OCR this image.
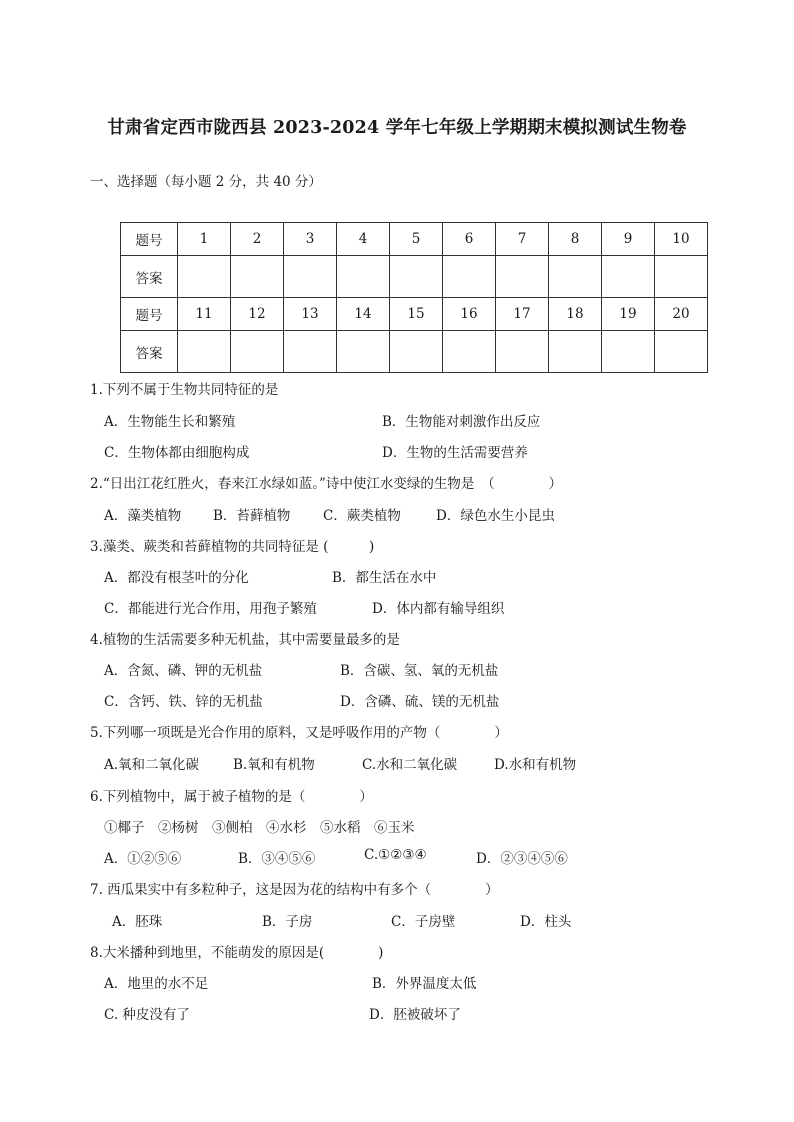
甘肃省定西市陇西县 2023-2024 学年七年级上学期期末模拟测试生物卷
一、选择题（每小题 2 分，共 40 分）
题号	1	2	3	4	5	6	7	8	9	10
答案										
题号	11	12	13	14	15	16	17	18	19	20
答案										
1.下列不属于生物共同特征的是
A．生物能生长和繁殖	B．生物能对刺激作出反应
C．生物体都由细胞构成	D．生物的生活需要营养
2.“日出江花红胜火，春来江水绿如蓝。”诗中使江水变绿的生物是　（　　　　）
A．藻类植物 B．苔藓植物 C．蕨类植物	D．绿色水生小昆虫
3.藻类、蕨类和苔藓植物的共同特征是 (　　　)
A．都没有根茎叶的分化	B．都生活在水中
C．都能进行光合作用，用孢子繁殖	D．体内都有输导组织
4.植物的生活需要多种无机盐，其中需要量最多的是
A．含氮、磷、钾的无机盐	B．含碳、氢、氧的无机盐
C．含钙、铁、锌的无机盐	D．含磷、硫、镁的无机盐
5.下列哪一项既是光合作用的原料，又是呼吸作用的产物（　　　　）
A.氧和二氧化碳	B.氧和有机物	C.水和二氧化碳	D.水和有机物
6.下列植物中，属于被子植物的是（　　　　）
①椰子　②杨树　③侧柏　④水杉　⑤水稻　⑥玉米
A．①②⑤⑥	B．③④⑤⑥	C.①②③④	D．②③④⑤⑥
7. 西瓜果实中有多粒种子，这是因为花的结构中有多个（　　　　）
A．胚珠	B．子房	C．子房壁	D．柱头
8.大米播种到地里，不能萌发的原因是(　　　　)
A．地里的水不足	B．外界温度太低
C. 种皮没有了	D．胚被破坏了
